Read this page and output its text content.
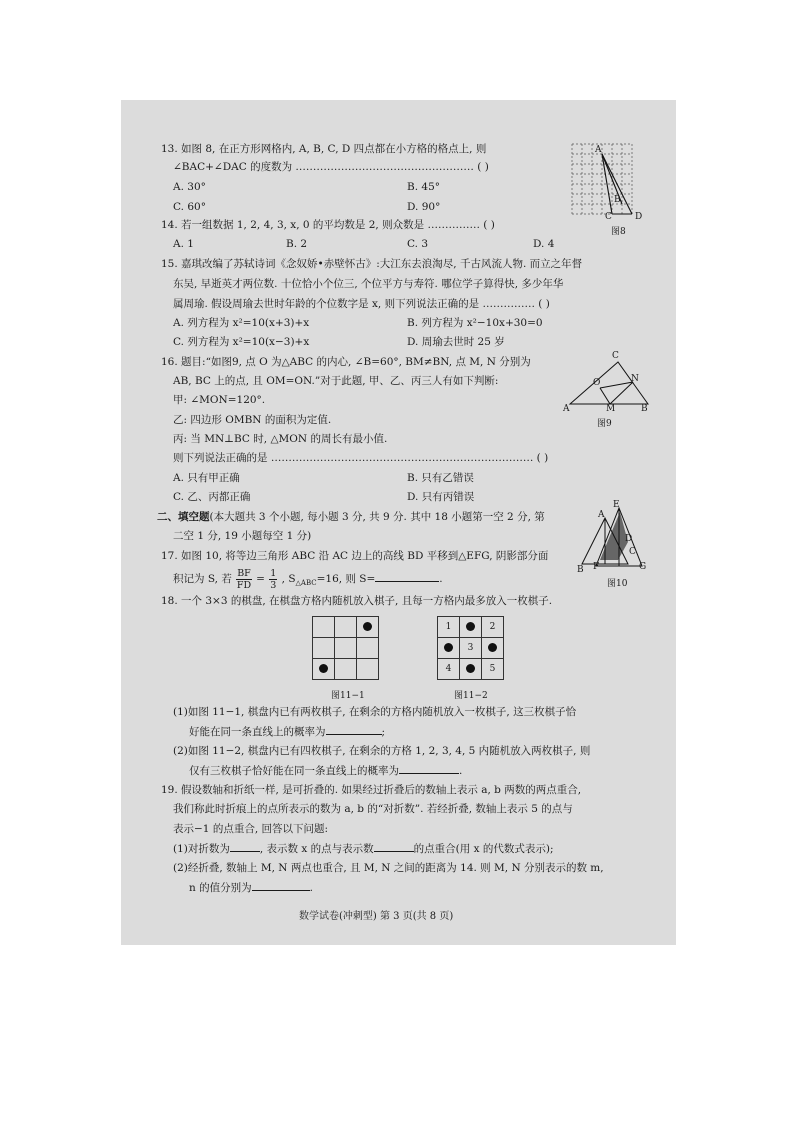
13. 如图 8, 在正方形网格内, A, B, C, D 四点都在小方格的格点上, 则
∠BAC+∠DAC 的度数为 …………………………………………… ( )
A. 30°	B. 45°
C. 60°	D. 90°
A
B
C	D
图8
14. 若一组数据 1, 2, 4, 3, x, 0 的平均数是 2, 则众数是 …………… ( )
A. 1	B. 2	C. 3	D. 4
15. 嘉琪改编了苏轼诗词《念奴娇•赤壁怀古》:大江东去浪淘尽, 千古风流人物. 而立之年督
东吴, 早逝英才两位数. 十位恰小个位三, 个位平方与寿符. 哪位学子算得快, 多少年华
属周瑜. 假设周瑜去世时年龄的个位数字是 x, 则下列说法正确的是 …………… ( )
A. 列方程为 x²=10(x+3)+x	B. 列方程为 x²−10x+30=0
C. 列方程为 x²=10(x−3)+x	D. 周瑜去世时 25 岁
16. 题目:“如图9, 点 O 为△ABC 的内心, ∠B=60°, BM≠BN, 点 M, N 分别为
AB, BC 上的点, 且 OM=ON.”对于此题, 甲、乙、丙三人有如下判断:
甲: ∠MON=120°.
乙: 四边形 OMBN 的面积为定值.
丙: 当 MN⊥BC 时, △MON 的周长有最小值.
则下列说法正确的是 ………………………………………………………………… ( )
A. 只有甲正确	B. 只有乙错误
C. 乙、丙都正确	D. 只有丙错误
C
N
O
A	M	B
图9
二、填空题(本大题共 3 个小题, 每小题 3 分, 共 9 分. 其中 18 小题第一空 2 分, 第
二空 1 分, 19 小题每空 1 分)
17. 如图 10, 将等边三角形 ABC 沿 AC 边上的高线 BD 平移到△EFG, 阴影部分面
积记为 S, 若 $\frac{BF}{FD} = \frac{1}{3}$ , $S_{\triangle ABC}=16$, 则 S=	.
A
E
D
C
B F	G
图10
18. 一个 3×3 的棋盘, 在棋盘方格内随机放入棋子, 且每一方格内最多放入一枚棋子.

图11−1
1		2
	3	
4		5
图11−2
(1)如图 11−1, 棋盘内已有两枚棋子, 在剩余的方格内随机放入一枚棋子, 这三枚棋子恰
好能在同一条直线上的概率为	;
(2)如图 11−2, 棋盘内已有四枚棋子, 在剩余的方格 1, 2, 3, 4, 5 内随机放入两枚棋子, 则
仅有三枚棋子恰好能在同一条直线上的概率为	.
19. 假设数轴和折纸一样, 是可折叠的. 如果经过折叠后的数轴上表示 a, b 两数的两点重合,
我们称此时折痕上的点所表示的数为 a, b 的“对折数”. 若经折叠, 数轴上表示 5 的点与
表示−1 的点重合, 回答以下问题:
(1)对折数为	, 表示数 x 的点与表示数	的点重合(用 x 的代数式表示);
(2)经折叠, 数轴上 M, N 两点也重合, 且 M, N 之间的距离为 14. 则 M, N 分别表示的数 m,
n 的值分别为	.
数学试卷(冲刺型) 第 3 页(共 8 页)
